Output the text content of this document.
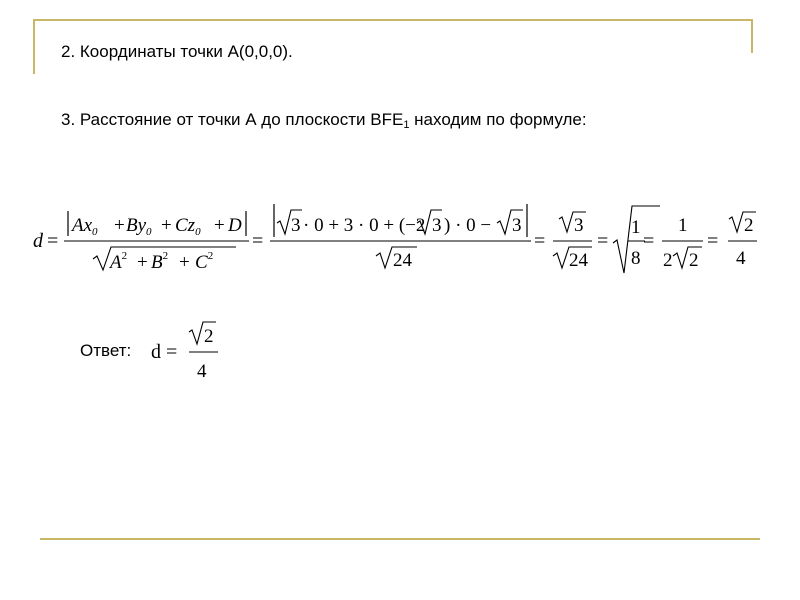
2. Координаты точки А(0,0,0).
3. Расстояние от точки А до плоскости $BFE_1$ находим по формуле:
d =
$Ax_0 + By_0 + Cz_0 + D$
$A^2 + B^2 + C^2$
=
3 · 0 + 3 · 0 + (−2 3 ) · 0 − 3
24
=
3
24
=
1
8
=
1
2 2
=
2
4
Ответ: d =
2
4
